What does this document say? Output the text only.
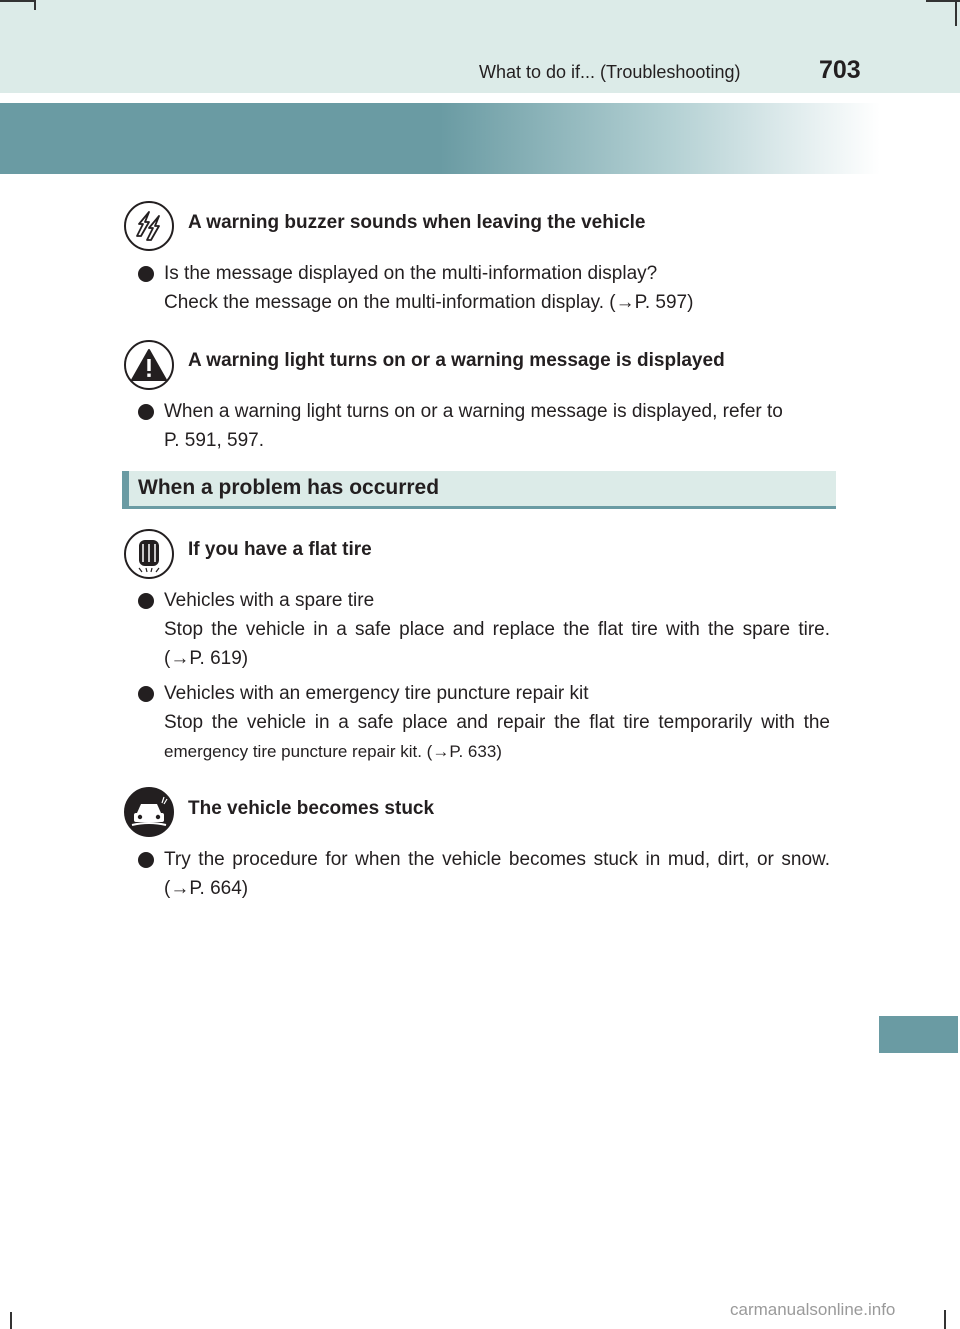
What to do if... (Troubleshooting)	703
A warning buzzer sounds when leaving the vehicle
Is the message displayed on the multi-information display?
Check the message on the multi-information display. (→P. 597)
A warning light turns on or a warning message is displayed
When a warning light turns on or a warning message is displayed, refer to
P. 591, 597.
When a problem has occurred
If you have a flat tire
Vehicles with a spare tire
Stop the vehicle in a safe place and replace the flat tire with the spare tire.
(→P. 619)
Vehicles with an emergency tire puncture repair kit
Stop the vehicle in a safe place and repair the flat tire temporarily with the
emergency tire puncture repair kit. (→P. 633)
The vehicle becomes stuck
Try the procedure for when the vehicle becomes stuck in mud, dirt, or snow.
(→P. 664)
carmanualsonline.info
